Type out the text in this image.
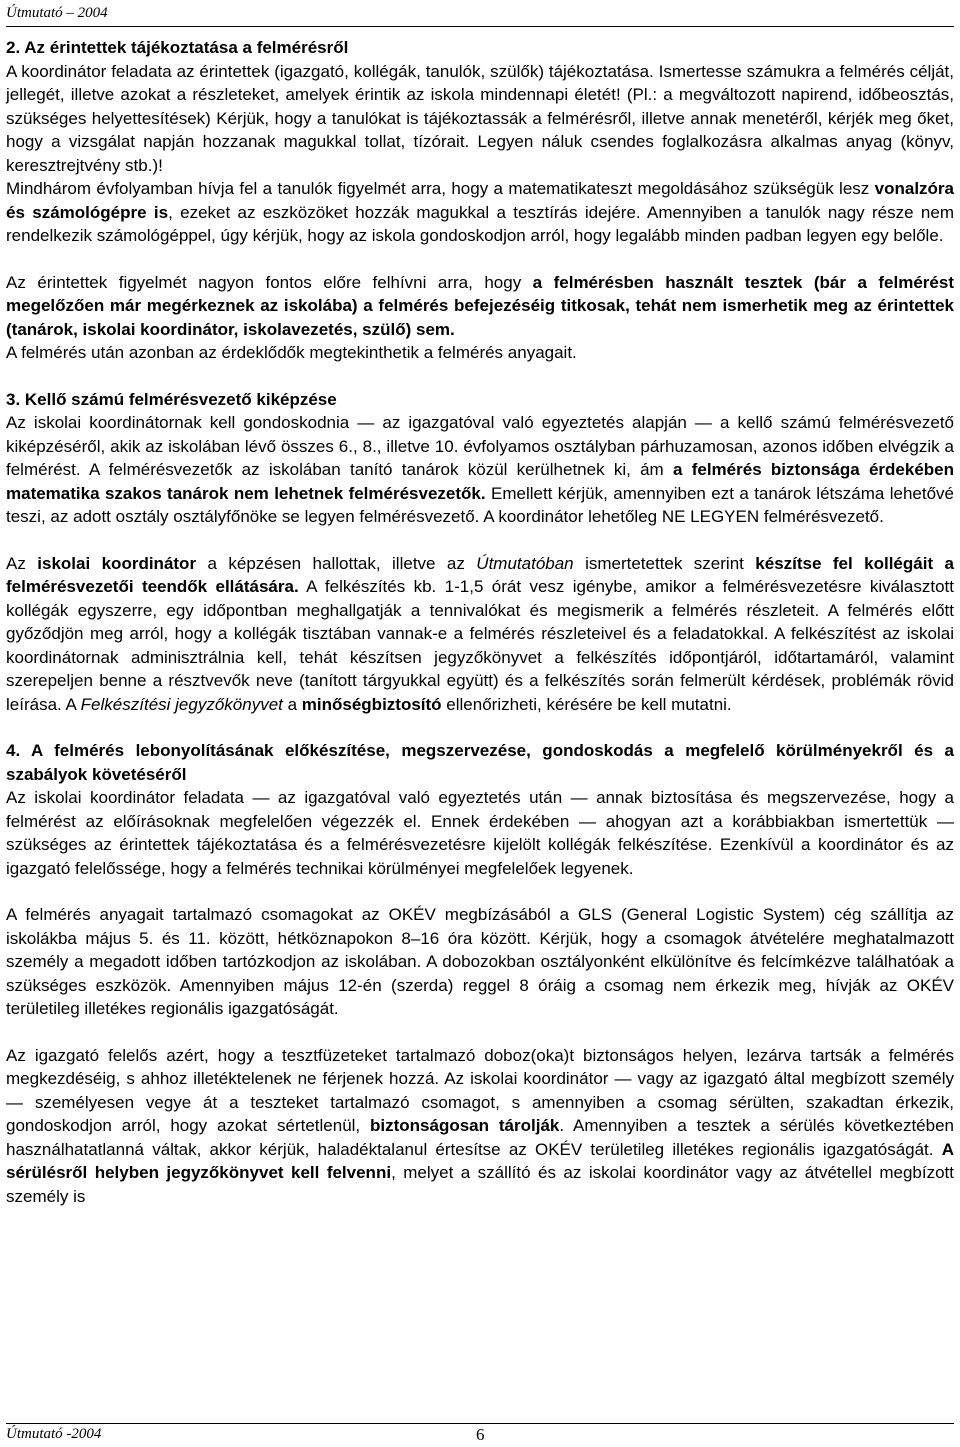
Útmutató – 2004

2. Az érintettek tájékoztatása a felmérésről

A koordinátor feladata az érintettek (igazgató, kollégák, tanulók, szülők) tájékoztatása. Ismertesse számukra a felmérés célját, jellegét, illetve azokat a részleteket, amelyek érintik az iskola mindennapi életét! (Pl.: a megváltozott napirend, időbeosztás, szükséges helyettesítések) Kérjük, hogy a tanulókat is tájékoztassák a felmérésről, illetve annak menetéről, kérjék meg őket, hogy a vizsgálat napján hozzanak magukkal tollat, tízórait. Legyen náluk csendes foglalkozásra alkalmas anyag (könyv, keresztrejtvény stb.)!

Mindhárom évfolyamban hívja fel a tanulók figyelmét arra, hogy a matematikateszt megoldásához szükségük lesz vonalzóra és számológépre is, ezeket az eszközöket hozzák magukkal a tesztírás idejére. Amennyiben a tanulók nagy része nem rendelkezik számológéppel, úgy kérjük, hogy az iskola gondoskodjon arról, hogy legalább minden padban legyen egy belőle.

Az érintettek figyelmét nagyon fontos előre felhívni arra, hogy a felmérésben használt tesztek (bár a felmérést megelőzően már megérkeznek az iskolába) a felmérés befejezéséig titkosak, tehát nem ismerhetik meg az érintettek (tanárok, iskolai koordinátor, iskolavezetés, szülő) sem.

A felmérés után azonban az érdeklődők megtekinthetik a felmérés anyagait.

3. Kellő számú felmérésvezető kiképzése

Az iskolai koordinátornak kell gondoskodnia — az igazgatóval való egyeztetés alapján — a kellő számú felmérésvezető kiképzéséről, akik az iskolában lévő összes 6., 8., illetve 10. évfolyamos osztályban párhuzamosan, azonos időben elvégzik a felmérést. A felmérésvezetők az iskolában tanító tanárok közül kerülhetnek ki, ám a felmérés biztonsága érdekében matematika szakos tanárok nem lehetnek felmérésvezetők. Emellett kérjük, amennyiben ezt a tanárok létszáma lehetővé teszi, az adott osztály osztályfőnöke se legyen felmérésvezető. A koordinátor lehetőleg NE LEGYEN felmérésvezető.

Az iskolai koordinátor a képzésen hallottak, illetve az Útmutatóban ismertetettek szerint készítse fel kollégáit a felmérésvezetői teendők ellátására. A felkészítés kb. 1-1,5 órát vesz igénybe, amikor a felmérésvezetésre kiválasztott kollégák egyszerre, egy időpontban meghallgatják a tennivalókat és megismerik a felmérés részleteit. A felmérés előtt győződjön meg arról, hogy a kollégák tisztában vannak-e a felmérés részleteivel és a feladatokkal. A felkészítést az iskolai koordinátornak adminisztrálnia kell, tehát készítsen jegyzőkönyvet a felkészítés időpontjáról, időtartamáról, valamint szerepeljen benne a résztvevők neve (tanított tárgyukkal együtt) és a felkészítés során felmerült kérdések, problémák rövid leírása. A Felkészítési jegyzőkönyvet a minőségbiztosító ellenőrizheti, kérésére be kell mutatni.

4. A felmérés lebonyolításának előkészítése, megszervezése, gondoskodás a megfelelő körülményekről és a szabályok követéséről

Az iskolai koordinátor feladata — az igazgatóval való egyeztetés után — annak biztosítása és megszervezése, hogy a felmérést az előírásoknak megfelelően végezzék el. Ennek érdekében — ahogyan azt a korábbiakban ismertettük — szükséges az érintettek tájékoztatása és a felmérésvezetésre kijelölt kollégák felkészítése. Ezenkívül a koordinátor és az igazgató felelőssége, hogy a felmérés technikai körülményei megfelelőek legyenek.

A felmérés anyagait tartalmazó csomagokat az OKÉV megbízásából a GLS (General Logistic System) cég szállítja az iskolákba május 5. és 11. között, hétköznapokon 8–16 óra között. Kérjük, hogy a csomagok átvételére meghatalmazott személy a megadott időben tartózkodjon az iskolában. A dobozokban osztályonként elkülönítve és felcímkézve találhatóak a szükséges eszközök. Amennyiben május 12-én (szerda) reggel 8 óráig a csomag nem érkezik meg, hívják az OKÉV területileg illetékes regionális igazgatóságát.

Az igazgató felelős azért, hogy a tesztfüzeteket tartalmazó doboz(oka)t biztonságos helyen, lezárva tartsák a felmérés megkezdéséig, s ahhoz illetéktelenek ne férjenek hozzá. Az iskolai koordinátor — vagy az igazgató által megbízott személy — személyesen vegye át a teszteket tartalmazó csomagot, s amennyiben a csomag sérülten, szakadtan érkezik, gondoskodjon arról, hogy azokat sértetlenül, biztonságosan tárolják. Amennyiben a tesztek a sérülés következtében használhatatlanná váltak, akkor kérjük, haladéktalanul értesítse az OKÉV területileg illetékes regionális igazgatóságát. A sérülésről helyben jegyzőkönyvet kell felvenni, melyet a szállító és az iskolai koordinátor vagy az átvétellel megbízott személy is

Útmutató -2004	6
